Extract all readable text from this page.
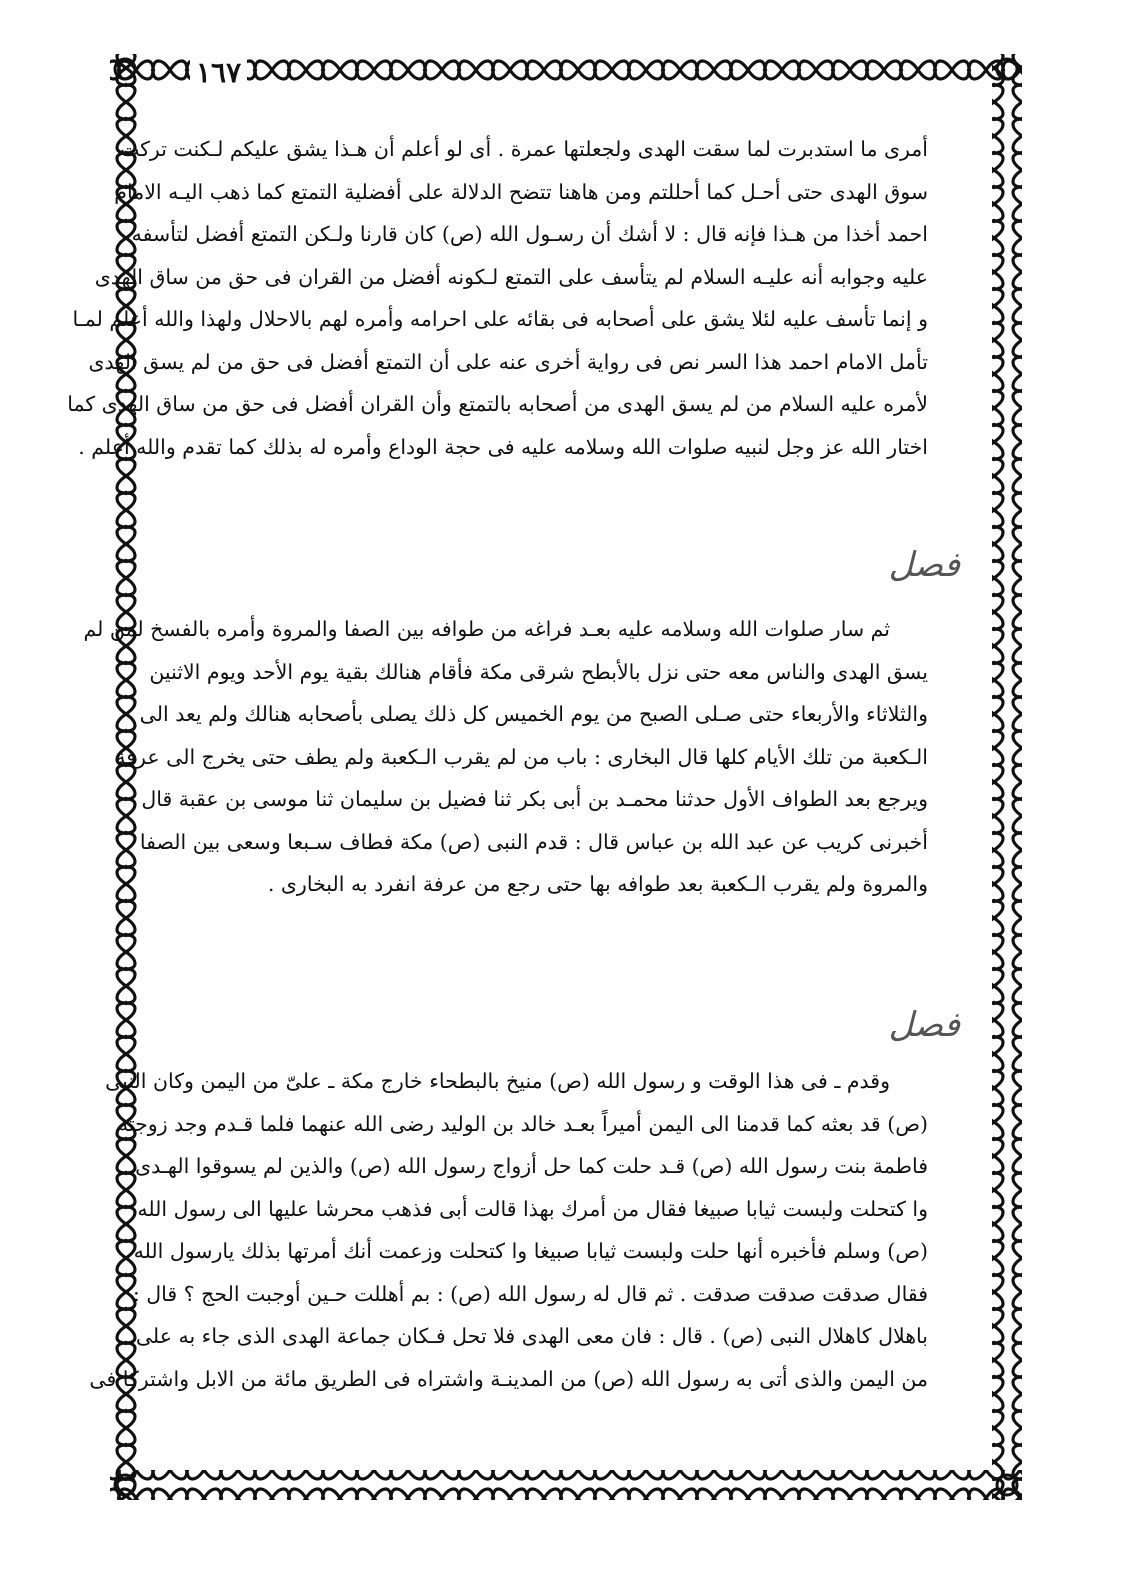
١٦٧
أمرى ما استدبرت لما سقت الهدى ولجعلتها عمرة . أى لو أعلم أن هـذا يشق عليكم لـكنت تركت
سوق الهدى حتى أحـل كما أحللتم ومن هاهنا تتضح الدلالة على أفضلية التمتع كما ذهب اليـه الامام
احمد أخذا من هـذا فإنه قال : لا أشك أن رسـول الله (ص) كان قارنا ولـكن التمتع أفضل لتأسفه
عليه وجوابه أنه عليـه السلام لم يتأسف على التمتع لـكونه أفضل من القران فى حق من ساق الهدى
و إنما تأسف عليه لئلا يشق على أصحابه فى بقائه على احرامه وأمره لهم بالاحلال ولهذا والله أعلم لمـا
تأمل الامام احمد هذا السر نص فى رواية أخرى عنه على أن التمتع أفضل فى حق من لم يسق الهدى
لأمره عليه السلام من لم يسق الهدى من أصحابه بالتمتع وأن القران أفضل فى حق من ساق الهدى كما
اختار الله عز وجل لنبيه صلوات الله وسلامه عليه فى حجة الوداع وأمره له بذلك كما تقدم والله أعلم .
فصل
ثم سار صلوات الله وسلامه عليه بعـد فراغه من طوافه بين الصفا والمروة وأمره بالفسخ لمن لم
يسق الهدى والناس معه حتى نزل بالأبطح شرقى مكة فأقام هنالك بقية يوم الأحد ويوم الاثنين
والثلاثاء والأربعاء حتى صـلى الصبح من يوم الخميس كل ذلك يصلى بأصحابه هنالك ولم يعد الى
الـكعبة من تلك الأيام كلها قال البخارى : باب من لم يقرب الـكعبة ولم يطف حتى يخرج الى عرفة
ويرجع بعد الطواف الأول حدثنا محمـد بن أبى بكر ثنا فضيل بن سليمان ثنا موسى بن عقبة قال
أخبرنى كريب عن عبد الله بن عباس قال : قدم النبى (ص) مكة فطاف سـبعا وسعى بين الصفا
والمروة ولم يقرب الـكعبة بعد طوافه بها حتى رجع من عرفة انفرد به البخارى .
فصل
وقدم ـ فى هذا الوقت و رسول الله (ص) منيخ بالبطحاء خارج مكة ـ علىّ من اليمن وكان النبى
(ص) قد بعثه كما قدمنا الى اليمن أميراً بعـد خالد بن الوليد رضى الله عنهما فلما قـدم وجد زوجته
فاطمة بنت رسول الله (ص) قـد حلت كما حل أزواج رسول الله (ص) والذين لم يسوقوا الهـدى
وا كتحلت ولبست ثيابا صبيغا فقال من أمرك بهذا قالت أبى فذهب محرشا عليها الى رسول الله
(ص) وسلم فأخبره أنها حلت ولبست ثيابا صبيغا وا كتحلت وزعمت أنك أمرتها بذلك يارسول الله
فقال صدقت صدقت صدقت . ثم قال له رسول الله (ص) : بم أهللت حـين أوجبت الحج ؟ قال :
باهلال كاهلال النبى (ص) . قال : فان معى الهدى فلا تحل فـكان جماعة الهدى الذى جاء به على
من اليمن والذى أتى به رسول الله (ص) من المدينـة واشتراه فى الطريق مائة من الابل واشتركا فى
